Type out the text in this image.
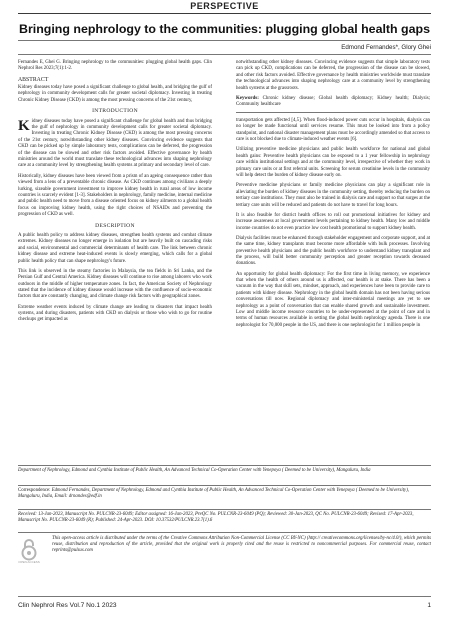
PERSPECTIVE
Bringing nephrology to the communities: plugging global health gaps
Edmond Fernandes*, Glory Ghei

Fernandes E, Ghei G. Bringing nephrology to the communities: plugging global health gaps. Clin Nephrol Res 2023;7(1):1-2.

ABSTRACT

Kidney diseases today have posed a significant challenge to global health, and bridging the gulf of nephrology in community development calls for greater societal diplomacy. Investing in treating Chronic Kidney Disease (CKD) is among the most pressing concerns of the 21st century,

INTRODUCTION

Kidney diseases today have posed a significant challenge for global health and thus bridging the gulf of nephrology in community development calls for greater societal diplomacy. Investing in treating Chronic Kidney Disease (CKD) is among the most pressing concerns of the 21st century, notwithstanding other kidney diseases. Convincing evidence suggests that CKD can be picked up by simple laboratory tests, complications can be deferred, the progression of the disease can be slowed and other risk factors avoided. Effective governance by health ministries around the world must translate these technological advances into shaping nephrology care at a community level by strengthening health systems at primary and secondary level of care.

Historically, kidney diseases have been viewed from a prism of an ageing consequence rather than viewed from a lens of a preventable chronic disease. As CKD continues among civilians a deeply lurking, sizeable government investment to improve kidney health in rural areas of low income countries is scarcely evident [1-3]. Stakeholders in nephrology, family medicine, internal medicine and public health need to move from a disease oriented focus on kidney ailments to a global health focus on improving kidney health, using the right choices of NSAIDs and preventing the progression of CKD as well.

DESCRIPTION

A public health policy to address kidney diseases, strengthen health systems and combat climate extremes. Kidney diseases no longer emerge in isolation but are heavily built on cascading risks and social, environmental and commercial determinants of health care. The link between chronic kidney disease and extreme heat-induced events is slowly emerging, which calls for a global public health policy that can shape nephrology's future.

This link is observed in the steamy factories in Malaysia, the tea fields in Sri Lanka, and the Persian Gulf and Central America. Kidney diseases will continue to rise among laborers who work outdoors in the middle of higher temperature zones. In fact, the American Society of Nephrology stated that the incidence of kidney disease would increase with the confluence of socio-economic factors that are constantly changing, and climate change risk factors with geographical zones.

Extreme weather events induced by climate change are leading to disasters that impact health systems, and during disasters, patients with CKD on dialysis or those who wish to go for routine checkups get impacted as

notwithstanding other kidney diseases. Convincing evidence suggests that simple laboratory tests can pick up CKD, complications can be deferred, the progression of the disease can be slowed, and other risk factors avoided. Effective governance by health ministries worldwide must translate the technological advances into shaping nephrology care at a community level by strengthening health systems at the grassroots.

Keywords: Chronic kidney disease; Global health diplomacy; Kidney health; Dialysis; Community healthcare

transportation gets affected [4,5]. When flood-induced power cuts occur in hospitals, dialysis can no longer be made functional until services resume. This must be looked into from a policy standpoint, and national disaster management plans must be accordingly amended so that access to care is not blocked due to climate-induced weather events [6].

Utilizing preventive medicine physicians and public health workforce for national and global health gains: Preventive health physicians can be exposed to a 1 year fellowship in nephrology care within institutional settings and at the community level, irrespective of whether they work in primary care units or at first referral units. Screening for serum creatinine levels in the community will help detect the burden of kidney disease early on.

Preventive medicine physicians or family medicine physicians can play a significant role in alleviating the burden of kidney diseases in the community setting, thereby reducing the burden on tertiary care institutions. They must also be trained in dialysis care and support so that surges at the tertiary care units will be reduced and patients do not have to travel for long hours.

It is also feasible for district health offices to roll out promotional initiatives for kidney and increase awareness at local government levels pertaining to kidney health. Many low and middle income countries do not even practice low cost health promotional to support kidney health.

Dialysis facilities must be enhanced through stakeholder engagement and corporate support, and at the same time, kidney transplants must become more affordable with bulk processes. Involving preventive health physicians and the public health workforce to understand kidney transplant and the process, will build better community perception and greater reception towards deceased donations.

An opportunity for global health diplomacy: For the first time in living memory, we experience that when the health of others around us is affected, our health is at stake. There has been a vacuum in the way that skill sets, mindset, approach, and experiences have been to provide care to patients with kidney disease. Nephrology in the global health domain has not been having serious conversations till now. Regional diplomacy and inter-ministerial meetings are yet to see nephrology as a point of conversation that can enable shared growth and sustainable investment. Low and middle income resource countries to be under-represented at the point of care and in terms of human resources available in setting the global health nephrology agenda. There is one nephrologist for 70,000 people in the US, and there is one nephrologist for 1 million people in

Department of Nephrology, Edmond and Cynthia Institute of Public Health, An Advanced Technical Co-Operation Center with Yenepoya ( Deemed to be University), Mangaluru, India
Correspondence: Edmond Fernandes, Department of Nephrology, Edmond and Cynthia Institute of Public Health, An Advanced Technical Co-Operation Center with Yenepoya ( Deemed to be University), Mangaluru, India, Email: drnandes@edf.in
Received: 13-Jan-2023, Manuscript No. PULCNR-23-6049; Editor assigned: 16-Jan-2023, PreQC No. PULCNR-23-6049 (PQ); Reviewed: 30-Jan-2023, QC No. PULCNR-23-6049; Revised: 17-Apr-2023, Manuscript No. PULCNR-23-6049 (R); Published: 24-Apr-2023. DOI: 10.37532/PULCNR.23.7(1).6
OPEN ACCESS
This open-access article is distributed under the terms of the Creative Commons Attribution Non-Commercial License (CC BY-NC) (http:// creativecommons.org/licenses/by-nc/4.0/), which permits reuse, distribution and reproduction of the article, provided that the original work is properly cited and the reuse is restricted to noncommercial purposes. For commercial reuse, contact reprints@pulsus.com
Clin Nephrol Res Vol.7 No.1 2023	1
